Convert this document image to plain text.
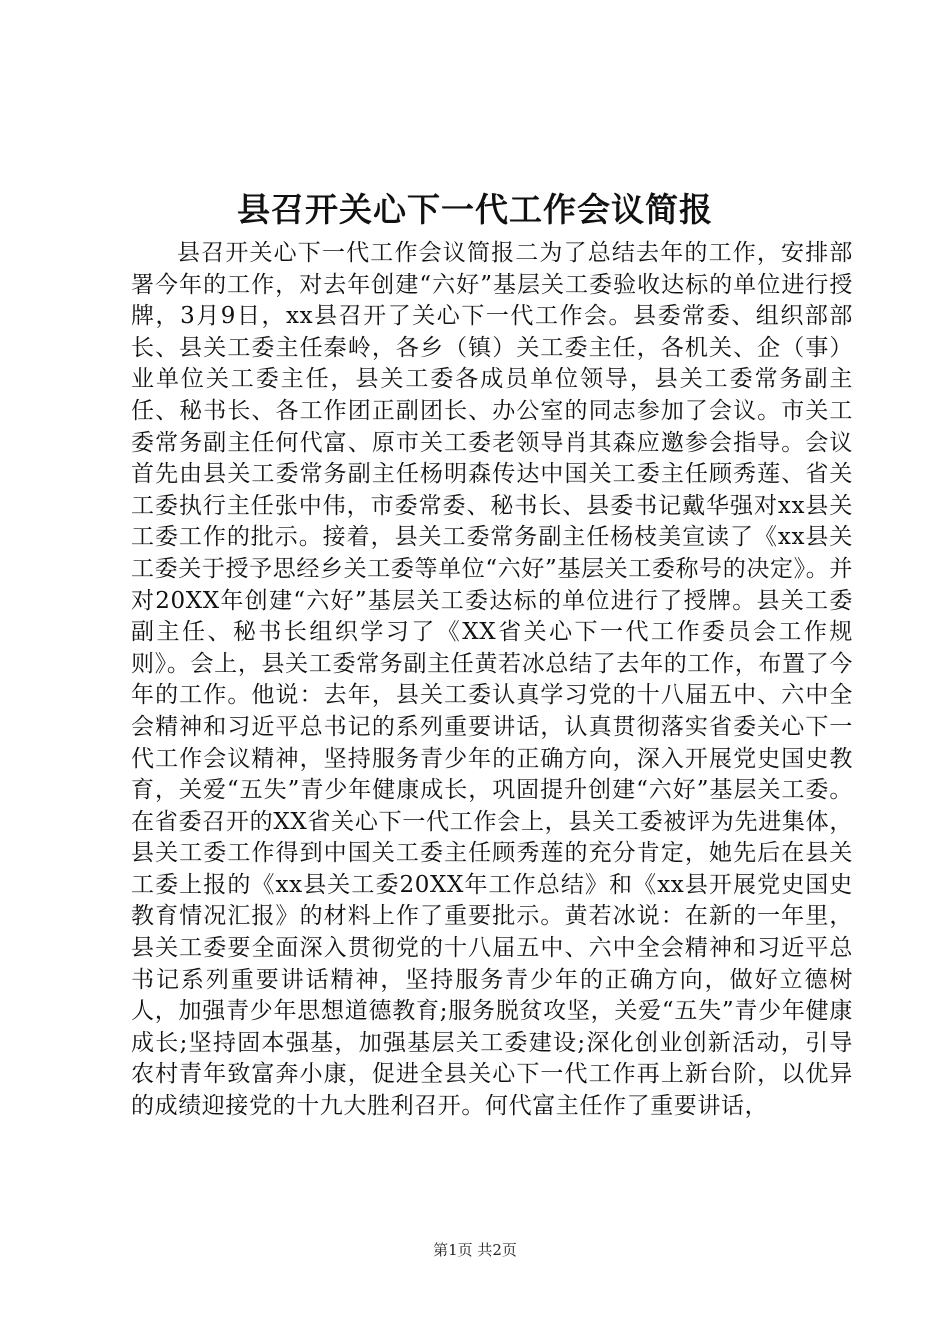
县召开关心下一代工作会议简报

县召开关心下一代工作会议简报二为了总结去年的工作，安排部署今年的工作，对去年创建“六好”基层关工委验收达标的单位进行授牌，3月9日，xx县召开了关心下一代工作会。县委常委、组织部部长、县关工委主任秦岭，各乡（镇）关工委主任，各机关、企（事）业单位关工委主任，县关工委各成员单位领导，县关工委常务副主任、秘书长、各工作团正副团长、办公室的同志参加了会议。市关工委常务副主任何代富、原市关工委老领导肖其森应邀参会指导。会议首先由县关工委常务副主任杨明森传达中国关工委主任顾秀莲、省关工委执行主任张中伟，市委常委、秘书长、县委书记戴华强对xx县关工委工作的批示。接着，县关工委常务副主任杨枝美宣读了《xx县关工委关于授予思经乡关工委等单位“六好”基层关工委称号的决定》。并对20XX年创建“六好”基层关工委达标的单位进行了授牌。县关工委副主任、秘书长组织学习了《XX省关心下一代工作委员会工作规则》。会上，县关工委常务副主任黄若冰总结了去年的工作，布置了今年的工作。他说：去年，县关工委认真学习党的十八届五中、六中全会精神和习近平总书记的系列重要讲话，认真贯彻落实省委关心下一代工作会议精神，坚持服务青少年的正确方向，深入开展党史国史教育，关爱“五失”青少年健康成长，巩固提升创建“六好”基层关工委。在省委召开的XX省关心下一代工作会上，县关工委被评为先进集体，县关工委工作得到中国关工委主任顾秀莲的充分肯定，她先后在县关工委上报的《xx县关工委20XX年工作总结》和《xx县开展党史国史教育情况汇报》的材料上作了重要批示。黄若冰说：在新的一年里，县关工委要全面深入贯彻党的十八届五中、六中全会精神和习近平总书记系列重要讲话精神，坚持服务青少年的正确方向，做好立德树人，加强青少年思想道德教育;服务脱贫攻坚，关爱“五失”青少年健康成长;坚持固本强基，加强基层关工委建设;深化创业创新活动，引导农村青年致富奔小康，促进全县关心下一代工作再上新台阶，以优异的成绩迎接党的十九大胜利召开。何代富主任作了重要讲话，

第1页 共2页
